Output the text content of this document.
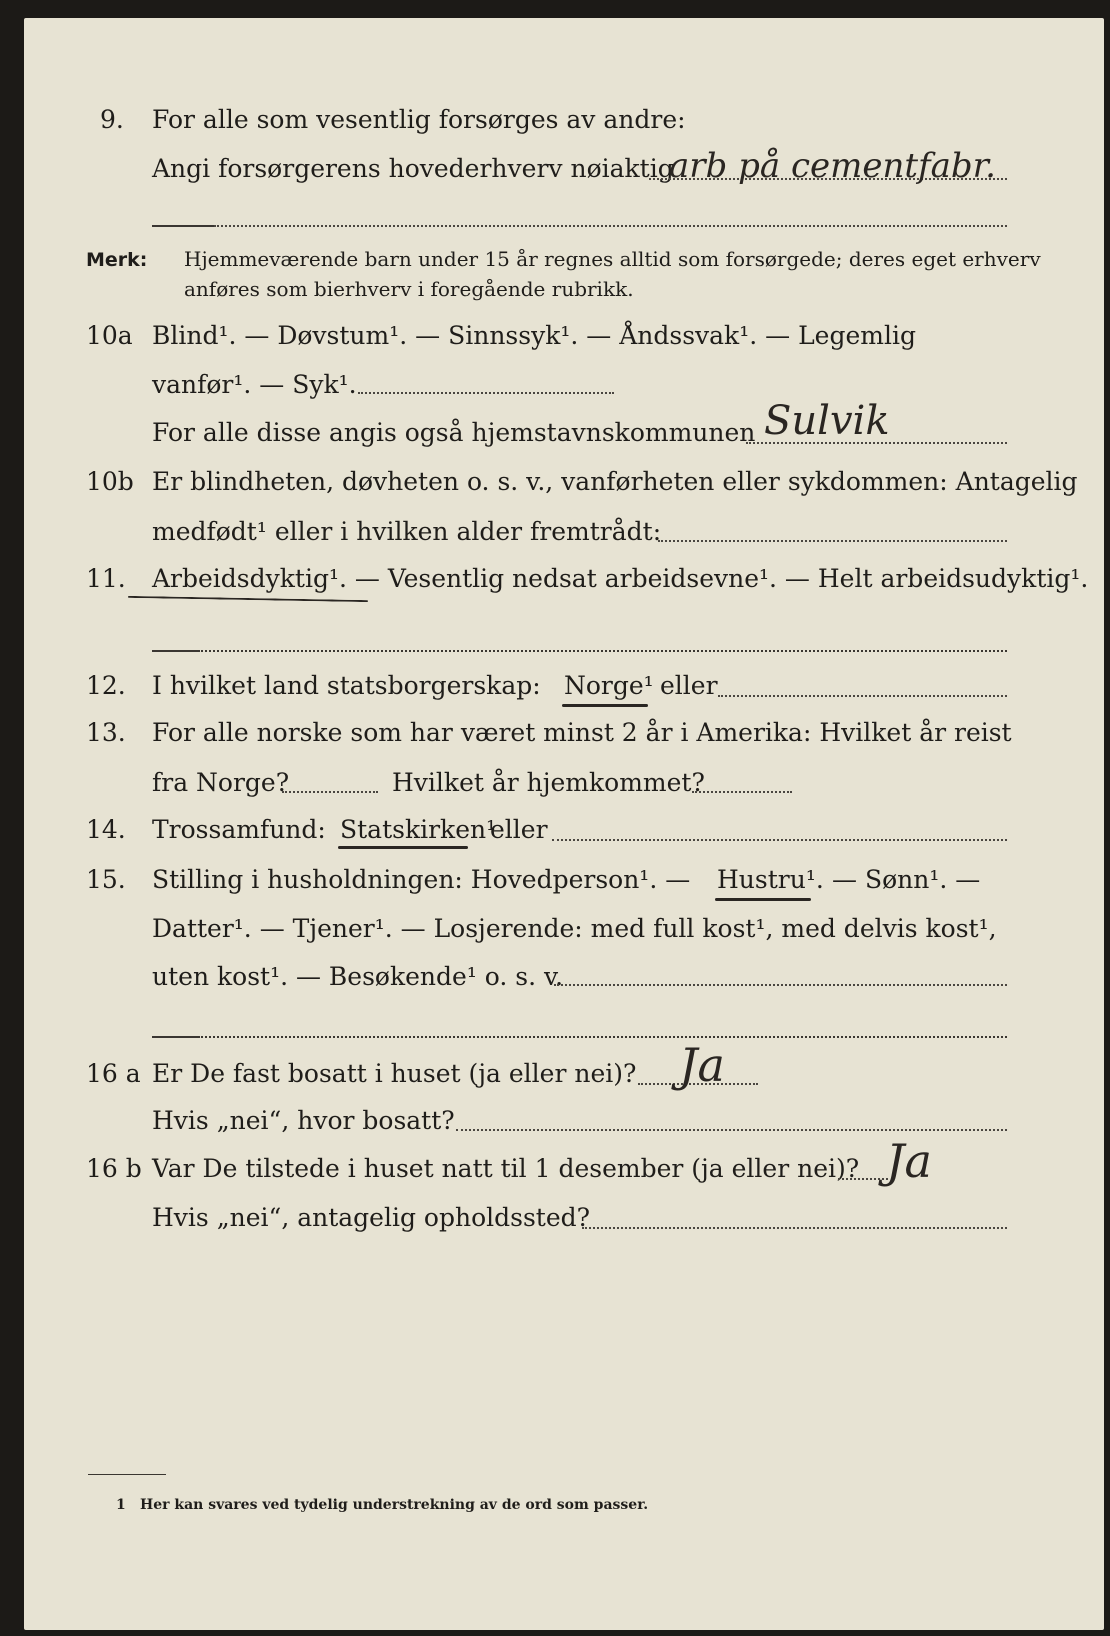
9. For alle som vesentlig forsørges av andre:
Angi forsørgerens hovederhverv nøiaktig
arb på cementfabr.
Merk: Hjemmeværende barn under 15 år regnes alltid som forsørgede; deres eget erhverv
anføres som bierhverv i foregående rubrikk.
10a Blind¹. — Døvstum¹. — Sinnssyk¹. — Åndssvak¹. — Legemlig
vanfør¹. — Syk¹.
For alle disse angis også hjemstavnskommunen Sulvik
10b Er blindheten, døvheten o. s. v., vanførheten eller sykdommen: Antagelig
medfødt¹ eller i hvilken alder fremtrådt:
11. Arbeidsdyktig¹. — Vesentlig nedsat arbeidsevne¹. — Helt arbeidsudyktig¹.
12. I hvilket land statsborgerskap: Norge¹ eller
13. For alle norske som har været minst 2 år i Amerika: Hvilket år reist
fra Norge?	Hvilket år hjemkommet?
14. Trossamfund: Statskirken¹
eller
15. Stilling i husholdningen: Hovedperson¹. — Hustru¹. — Sønn¹. —
Datter¹. — Tjener¹. — Losjerende: med full kost¹, med delvis kost¹,
uten kost¹. — Besøkende¹ o. s. v.
16 a Er De fast bosatt i huset (ja eller nei)? Ja
Hvis „nei“, hvor bosatt?
16 b Var De tilstede i huset natt til 1 desember (ja eller nei)? Ja
Hvis „nei“, antagelig opholdssted?
1 Her kan svares ved tydelig understrekning av de ord som passer.
